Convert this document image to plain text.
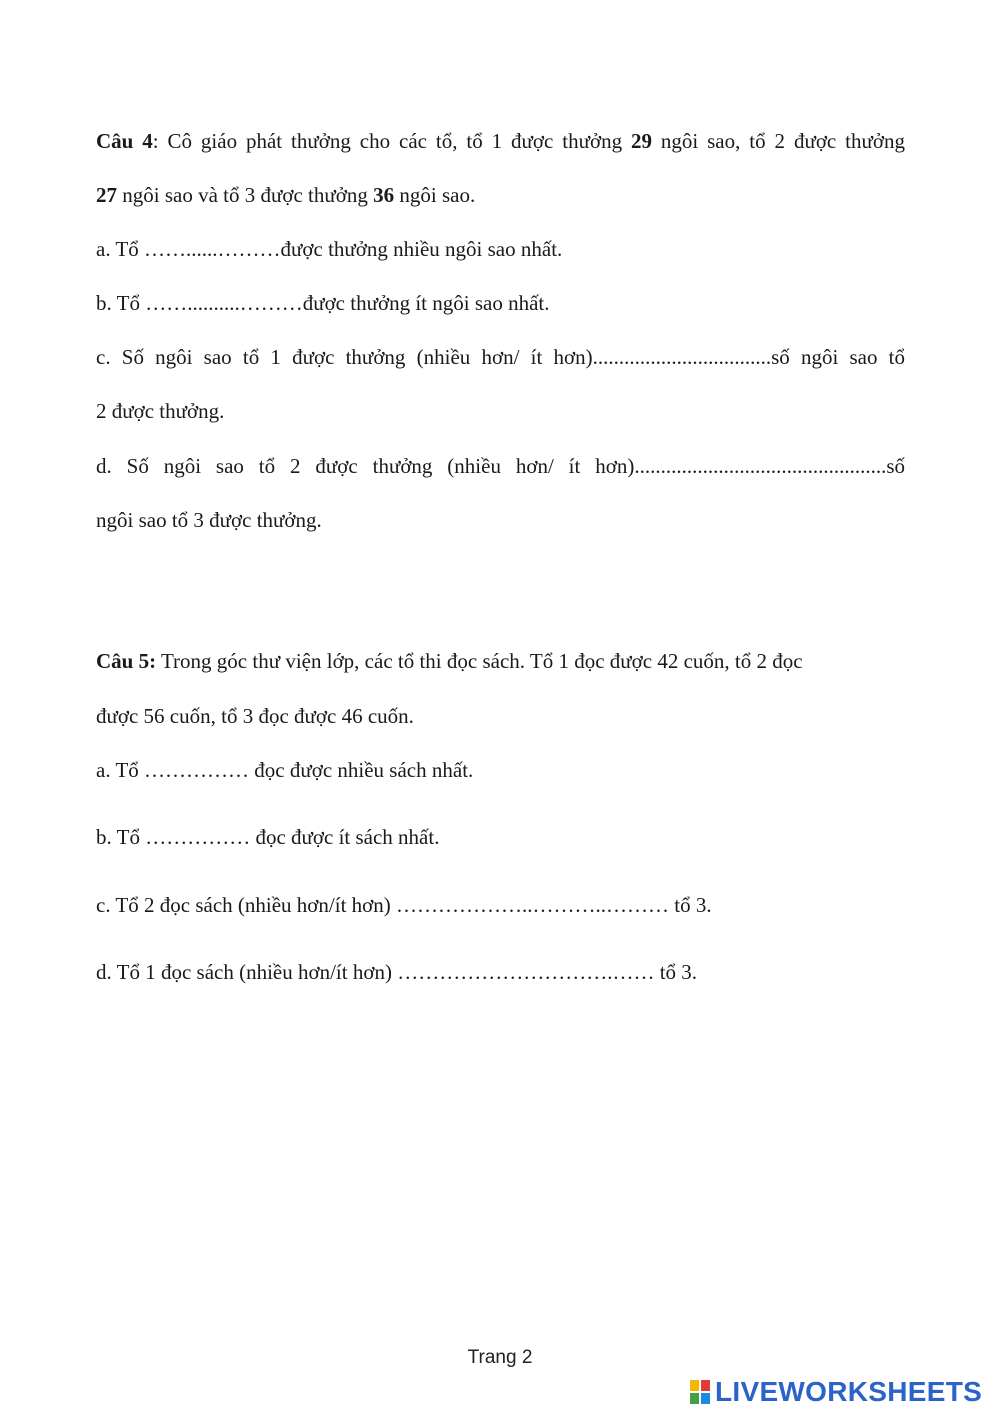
Câu 4: Cô giáo phát thưởng cho các tổ, tổ 1 được thưởng 29 ngôi sao, tổ 2 được thưởng
27 ngôi sao và tổ 3 được thưởng 36 ngôi sao.
a. Tổ ……......………được thưởng nhiều ngôi sao nhất.
b. Tổ ……..........………được thưởng ít ngôi sao nhất.
c. Số ngôi sao tổ 1 được thưởng (nhiều hơn/ ít hơn)..................................số ngôi sao tổ
2 được thưởng.
d. Số ngôi sao tổ 2 được thưởng (nhiều hơn/ ít hơn)................................................số
ngôi sao tổ 3 được thưởng.
Câu 5: Trong góc thư viện lớp, các tổ thi đọc sách. Tổ 1 đọc được 42 cuốn, tổ 2 đọc
được 56 cuốn, tổ 3 đọc được 46 cuốn.
a. Tổ …………… đọc được nhiều sách nhất.
b. Tổ …………… đọc được ít sách nhất.
c. Tổ 2 đọc sách (nhiều hơn/ít hơn) ………………..………..……… tổ 3.
d. Tổ 1 đọc sách (nhiều hơn/ít hơn) ………………………….…… tổ 3.
Trang 2
LIVEWORKSHEETS
